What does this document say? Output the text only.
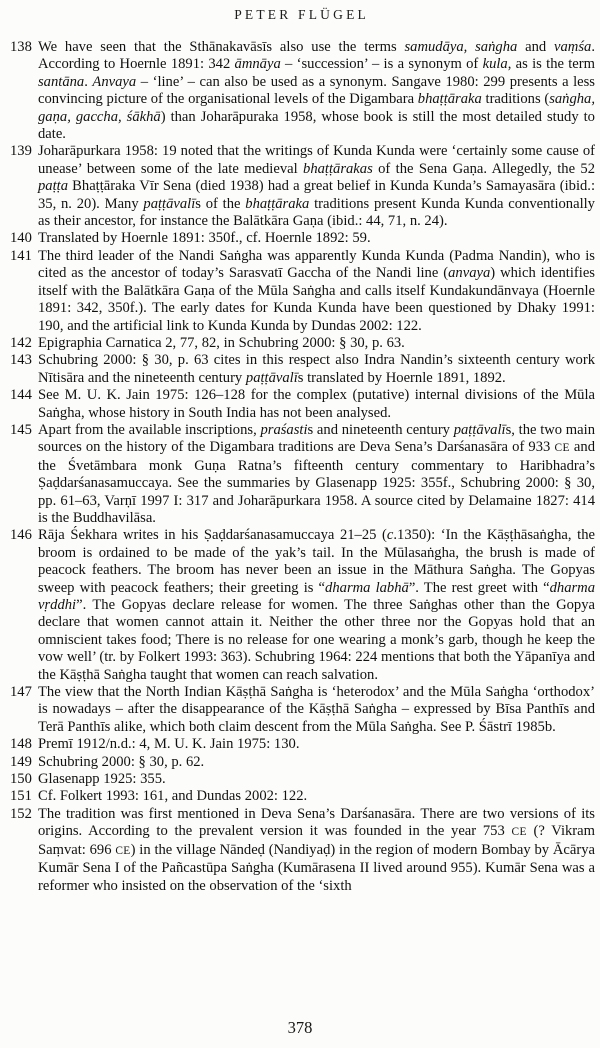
PETER FLÜGEL
138 We have seen that the Sthānakavāsīs also use the terms samudāya, saṅgha and vaṃśa. According to Hoernle 1891: 342 āmnāya – ‘succession’ – is a synonym of kula, as is the term santāna. Anvaya – ‘line’ – can also be used as a synonym. Sangave 1980: 299 presents a less convincing picture of the organisational levels of the Digambara bhaṭṭāraka traditions (saṅgha, gaṇa, gaccha, śākhā) than Joharāpuraka 1958, whose book is still the most detailed study to date.
139 Joharāpurkara 1958: 19 noted that the writings of Kunda Kunda were ‘certainly some cause of unease’ between some of the late medieval bhaṭṭārakas of the Sena Gaṇa. Allegedly, the 52 paṭṭa Bhaṭṭāraka Vīr Sena (died 1938) had a great belief in Kunda Kunda’s Samayasāra (ibid.: 35, n. 20). Many paṭṭāvalīs of the bhaṭṭāraka traditions present Kunda Kunda conventionally as their ancestor, for instance the Balātkāra Gaṇa (ibid.: 44, 71, n. 24).
140 Translated by Hoernle 1891: 350f., cf. Hoernle 1892: 59.
141 The third leader of the Nandi Saṅgha was apparently Kunda Kunda (Padma Nandin), who is cited as the ancestor of today’s Sarasvatī Gaccha of the Nandi line (anvaya) which identifies itself with the Balātkāra Gaṇa of the Mūla Saṅgha and calls itself Kundakundānvaya (Hoernle 1891: 342, 350f.). The early dates for Kunda Kunda have been questioned by Dhaky 1991: 190, and the artificial link to Kunda Kunda by Dundas 2002: 122.
142 Epigraphia Carnatica 2, 77, 82, in Schubring 2000: § 30, p. 63.
143 Schubring 2000: § 30, p. 63 cites in this respect also Indra Nandin’s sixteenth century work Nītisāra and the nineteenth century paṭṭāvalīs translated by Hoernle 1891, 1892.
144 See M. U. K. Jain 1975: 126–128 for the complex (putative) internal divisions of the Mūla Saṅgha, whose history in South India has not been analysed.
145 Apart from the available inscriptions, praśastis and nineteenth century paṭṭāvalīs, the two main sources on the history of the Digambara traditions are Deva Sena’s Darśanasāra of 933 CE and the Śvetāmbara monk Guṇa Ratna’s fifteenth century commentary to Haribhadra’s Ṣaḍdarśanasamuccaya. See the summaries by Glasenapp 1925: 355f., Schubring 2000: § 30, pp. 61–63, Varṇī 1997 I: 317 and Joharāpurkara 1958. A source cited by Delamaine 1827: 414 is the Buddhavilāsa.
146 Rāja Śekhara writes in his Ṣaḍdarśanasamuccaya 21–25 (c.1350): ‘In the Kāṣṭhāsaṅgha, the broom is ordained to be made of the yak’s tail. In the Mūlasaṅgha, the brush is made of peacock feathers. The broom has never been an issue in the Māthura Saṅgha. The Gopyas sweep with peacock feathers; their greeting is “dharma labhā”. The rest greet with “dharma vṛddhi”. The Gopyas declare release for women. The three Saṅghas other than the Gopya declare that women cannot attain it. Neither the other three nor the Gopyas hold that an omniscient takes food; There is no release for one wearing a monk’s garb, though he keep the vow well’ (tr. by Folkert 1993: 363). Schubring 1964: 224 mentions that both the Yāpanīya and the Kāṣṭhā Saṅgha taught that women can reach salvation.
147 The view that the North Indian Kāṣṭhā Saṅgha is ‘heterodox’ and the Mūla Saṅgha ‘orthodox’ is nowadays – after the disappearance of the Kāṣṭhā Saṅgha – expressed by Bīsa Panthīs and Terā Panthīs alike, which both claim descent from the Mūla Saṅgha. See P. Śāstrī 1985b.
148 Premī 1912/n.d.: 4, M. U. K. Jain 1975: 130.
149 Schubring 2000: § 30, p. 62.
150 Glasenapp 1925: 355.
151 Cf. Folkert 1993: 161, and Dundas 2002: 122.
152 The tradition was first mentioned in Deva Sena’s Darśanasāra. There are two versions of its origins. According to the prevalent version it was founded in the year 753 CE (? Vikram Saṃvat: 696 CE) in the village Nāndeḍ (Nandiyaḍ) in the region of modern Bombay by Ācārya Kumār Sena I of the Pañcastūpa Saṅgha (Kumārasena II lived around 955). Kumār Sena was a reformer who insisted on the observation of the ‘sixth
378
